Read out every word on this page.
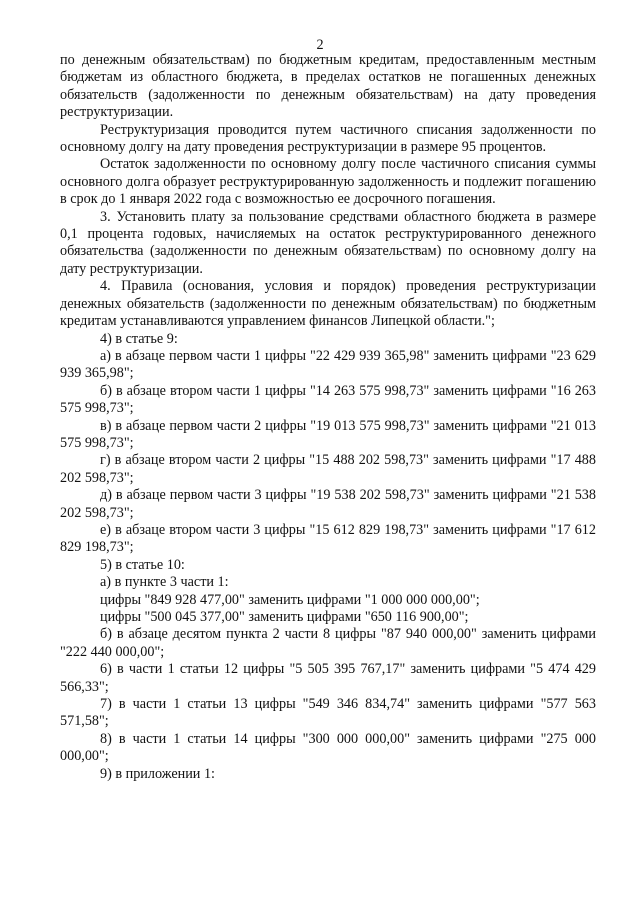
2

по денежным обязательствам) по бюджетным кредитам, предоставленным местным бюджетам из областного бюджета, в пределах остатков не погашенных денежных обязательств (задолженности по денежным обязательствам) на дату проведения реструктуризации.

Реструктуризация проводится путем частичного списания задолженности по основному долгу на дату проведения реструктуризации в размере 95 процентов.

Остаток задолженности по основному долгу после частичного списания суммы основного долга образует реструктурированную задолженность и подлежит погашению в срок до 1 января 2022 года с возможностью ее досрочного погашения.

3. Установить плату за пользование средствами областного бюджета в размере 0,1 процента годовых, начисляемых на остаток реструктурированного денежного обязательства (задолженности по денежным обязательствам) по основному долгу на дату реструктуризации.

4. Правила (основания, условия и порядок) проведения реструктуризации денежных обязательств (задолженности по денежным обязательствам) по бюджетным кредитам устанавливаются управлением финансов Липецкой области.";

4) в статье 9:

а) в абзаце первом части 1 цифры "22 429 939 365,98" заменить цифрами "23 629 939 365,98";

б) в абзаце втором части 1 цифры "14 263 575 998,73" заменить цифрами "16 263 575 998,73";

в) в абзаце первом части 2 цифры "19 013 575 998,73" заменить цифрами "21 013 575 998,73";

г) в абзаце втором части 2 цифры "15 488 202 598,73" заменить цифрами "17 488 202 598,73";

д) в абзаце первом части 3 цифры "19 538 202 598,73" заменить цифрами "21 538 202 598,73";

е) в абзаце втором части 3 цифры "15 612 829 198,73" заменить цифрами "17 612 829 198,73";

5) в статье 10:

а) в пункте 3 части 1:

цифры "849 928 477,00" заменить цифрами "1 000 000 000,00";

цифры "500 045 377,00" заменить цифрами "650 116 900,00";

б) в абзаце десятом пункта 2 части 8 цифры "87 940 000,00" заменить цифрами "222 440 000,00";

6) в части 1 статьи 12 цифры "5 505 395 767,17" заменить цифрами "5 474 429 566,33";

7) в части 1 статьи 13 цифры "549 346 834,74" заменить цифрами "577 563 571,58";

8) в части 1 статьи 14 цифры "300 000 000,00" заменить цифрами "275 000 000,00";

9) в приложении 1:
